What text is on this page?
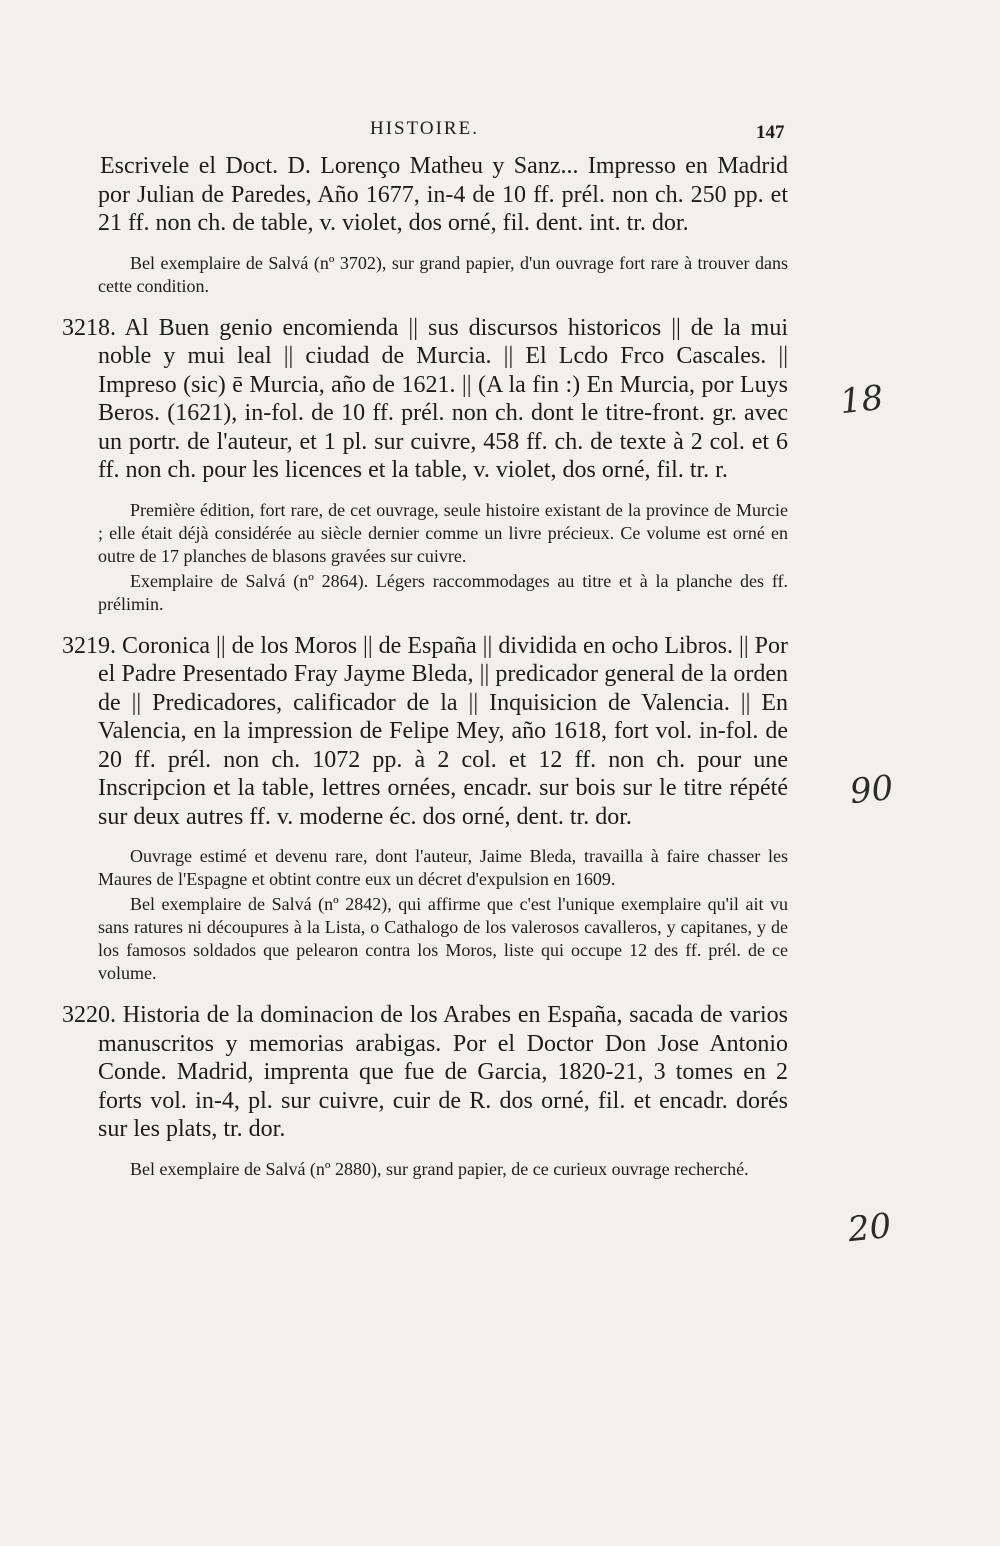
HISTOIRE.	147

Escrivele el Doct. D. Lorenço Matheu y Sanz... Impresso en Madrid por Julian de Paredes, Año 1677, in-4 de 10 ff. prél. non ch. 250 pp. et 21 ff. non ch. de table, v. violet, dos orné, fil. dent. int. tr. dor.

Bel exemplaire de Salvá (nº 3702), sur grand papier, d'un ouvrage fort rare à trouver dans cette condition.

3218. Al Buen genio encomienda || sus discursos historicos || de la mui noble y mui leal || ciudad de Murcia. || El Lcdo Frco Cascales. || Impreso (sic) ē Murcia, año de 1621. || (A la fin :) En Murcia, por Luys Beros. (1621), in-fol. de 10 ff. prél. non ch. dont le titre-front. gr. avec un portr. de l'auteur, et 1 pl. sur cuivre, 458 ff. ch. de texte à 2 col. et 6 ff. non ch. pour les licences et la table, v. violet, dos orné, fil. tr. r.

Première édition, fort rare, de cet ouvrage, seule histoire existant de la province de Murcie ; elle était déjà considérée au siècle dernier comme un livre précieux. Ce volume est orné en outre de 17 planches de blasons gravées sur cuivre.

Exemplaire de Salvá (nº 2864). Légers raccommodages au titre et à la planche des ff. prélimin.

3219. Coronica || de los Moros || de España || dividida en ocho Libros. || Por el Padre Presentado Fray Jayme Bleda, || predicador general de la orden de || Predicadores, calificador de la || Inquisicion de Valencia. || En Valencia, en la impression de Felipe Mey, año 1618, fort vol. in-fol. de 20 ff. prél. non ch. 1072 pp. à 2 col. et 12 ff. non ch. pour une Inscripcion et la table, lettres ornées, encadr. sur bois sur le titre répété sur deux autres ff. v. moderne éc. dos orné, dent. tr. dor.

Ouvrage estimé et devenu rare, dont l'auteur, Jaime Bleda, travailla à faire chasser les Maures de l'Espagne et obtint contre eux un décret d'expulsion en 1609.

Bel exemplaire de Salvá (nº 2842), qui affirme que c'est l'unique exemplaire qu'il ait vu sans ratures ni découpures à la Lista, o Cathalogo de los valerosos cavalleros, y capitanes, y de los famosos soldados que pelearon contra los Moros, liste qui occupe 12 des ff. prél. de ce volume.

3220. Historia de la dominacion de los Arabes en España, sacada de varios manuscritos y memorias arabigas. Por el Doctor Don Jose Antonio Conde. Madrid, imprenta que fue de Garcia, 1820-21, 3 tomes en 2 forts vol. in-4, pl. sur cuivre, cuir de R. dos orné, fil. et encadr. dorés sur les plats, tr. dor.

Bel exemplaire de Salvá (nº 2880), sur grand papier, de ce curieux ouvrage recherché.

18
90
20
